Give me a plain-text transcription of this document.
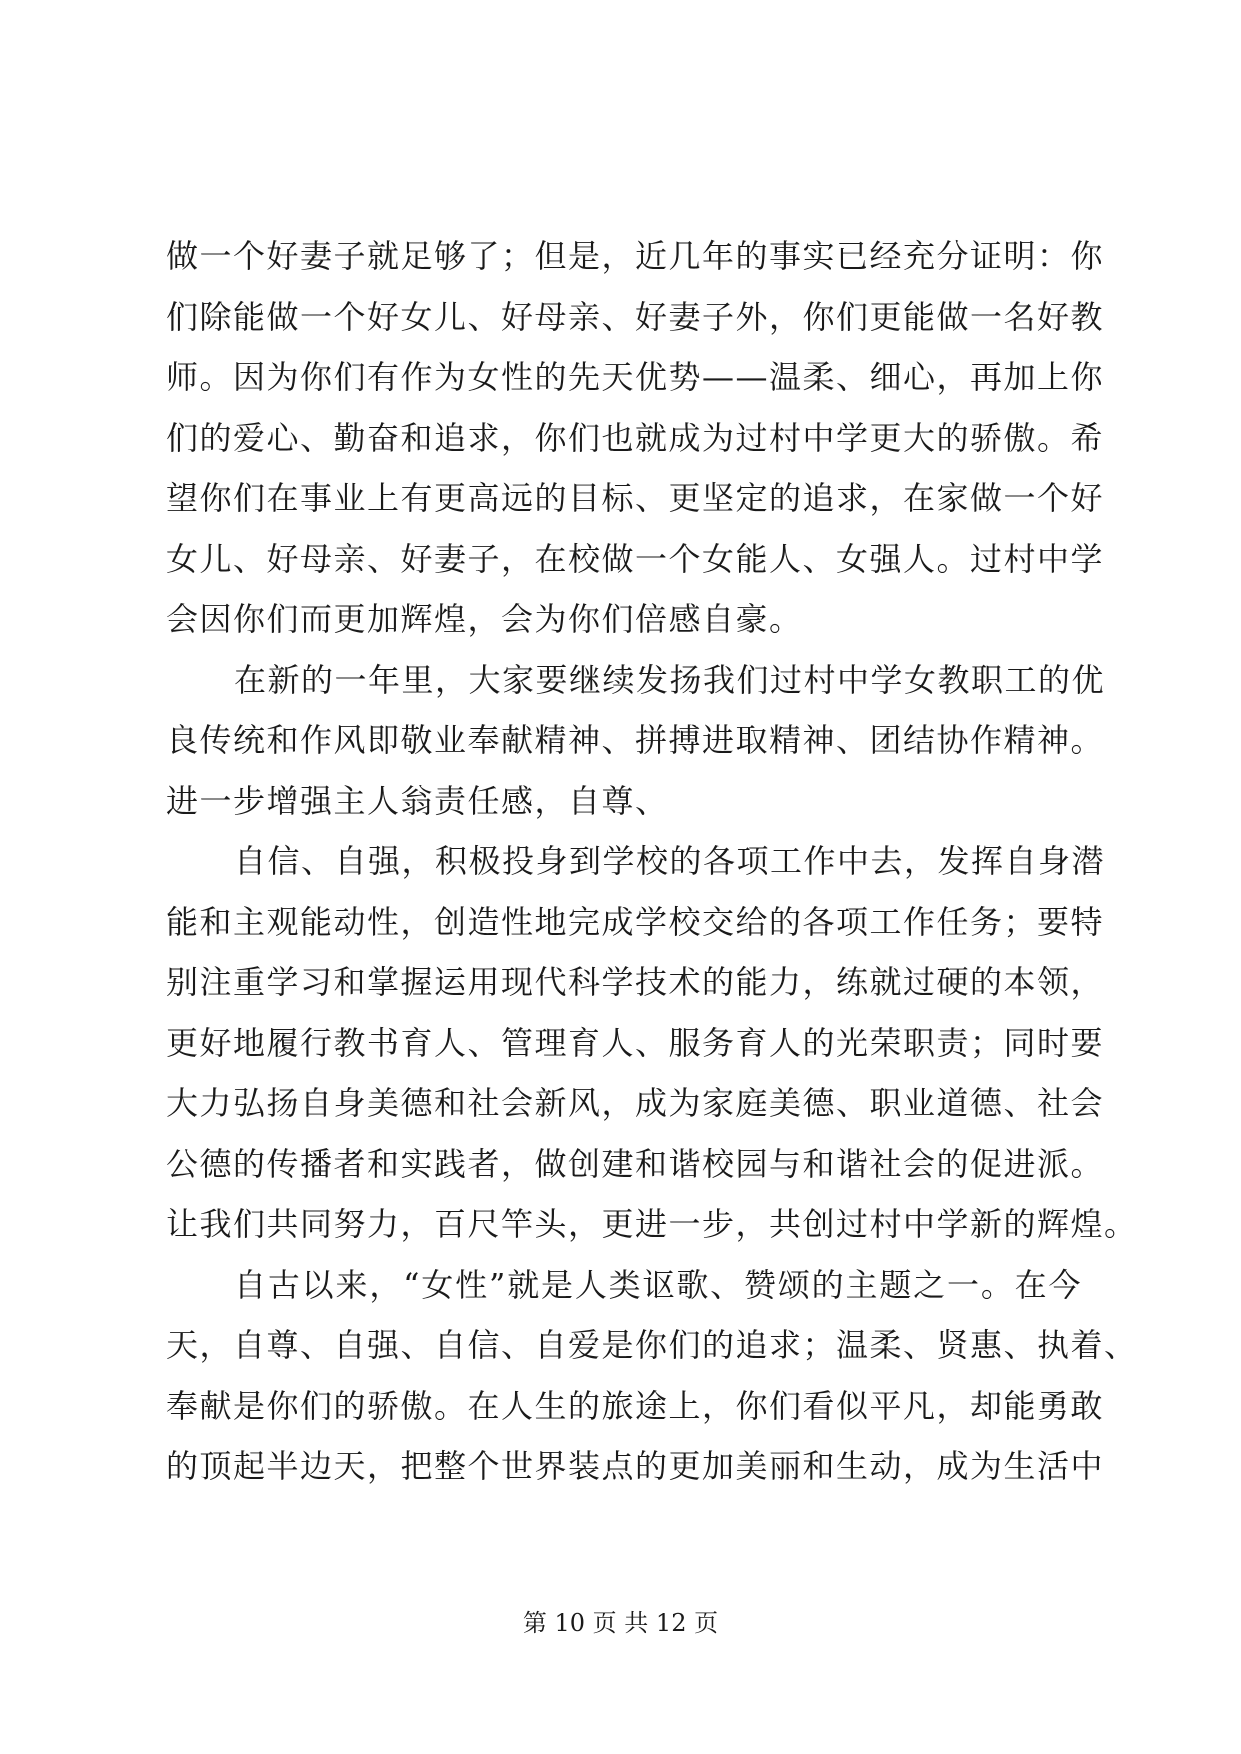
做一个好妻子就足够了；但是，近几年的事实已经充分证明：你
们除能做一个好女儿、好母亲、好妻子外，你们更能做一名好教
师。因为你们有作为女性的先天优势——温柔、细心，再加上你
们的爱心、勤奋和追求，你们也就成为过村中学更大的骄傲。希
望你们在事业上有更高远的目标、更坚定的追求，在家做一个好
女儿、好母亲、好妻子，在校做一个女能人、女强人。过村中学
会因你们而更加辉煌，会为你们倍感自豪。
在新的一年里，大家要继续发扬我们过村中学女教职工的优
良传统和作风即敬业奉献精神、拼搏进取精神、团结协作精神。
进一步增强主人翁责任感，自尊、
自信、自强，积极投身到学校的各项工作中去，发挥自身潜
能和主观能动性，创造性地完成学校交给的各项工作任务；要特
别注重学习和掌握运用现代科学技术的能力，练就过硬的本领，
更好地履行教书育人、管理育人、服务育人的光荣职责；同时要
大力弘扬自身美德和社会新风，成为家庭美德、职业道德、社会
公德的传播者和实践者，做创建和谐校园与和谐社会的促进派。
让我们共同努力，百尺竿头，更进一步，共创过村中学新的辉煌。
自古以来，“女性”就是人类讴歌、赞颂的主题之一。在今
天，自尊、自强、自信、自爱是你们的追求；温柔、贤惠、执着、
奉献是你们的骄傲。在人生的旅途上，你们看似平凡，却能勇敢
的顶起半边天，把整个世界装点的更加美丽和生动，成为生活中
第 10 页 共 12 页
